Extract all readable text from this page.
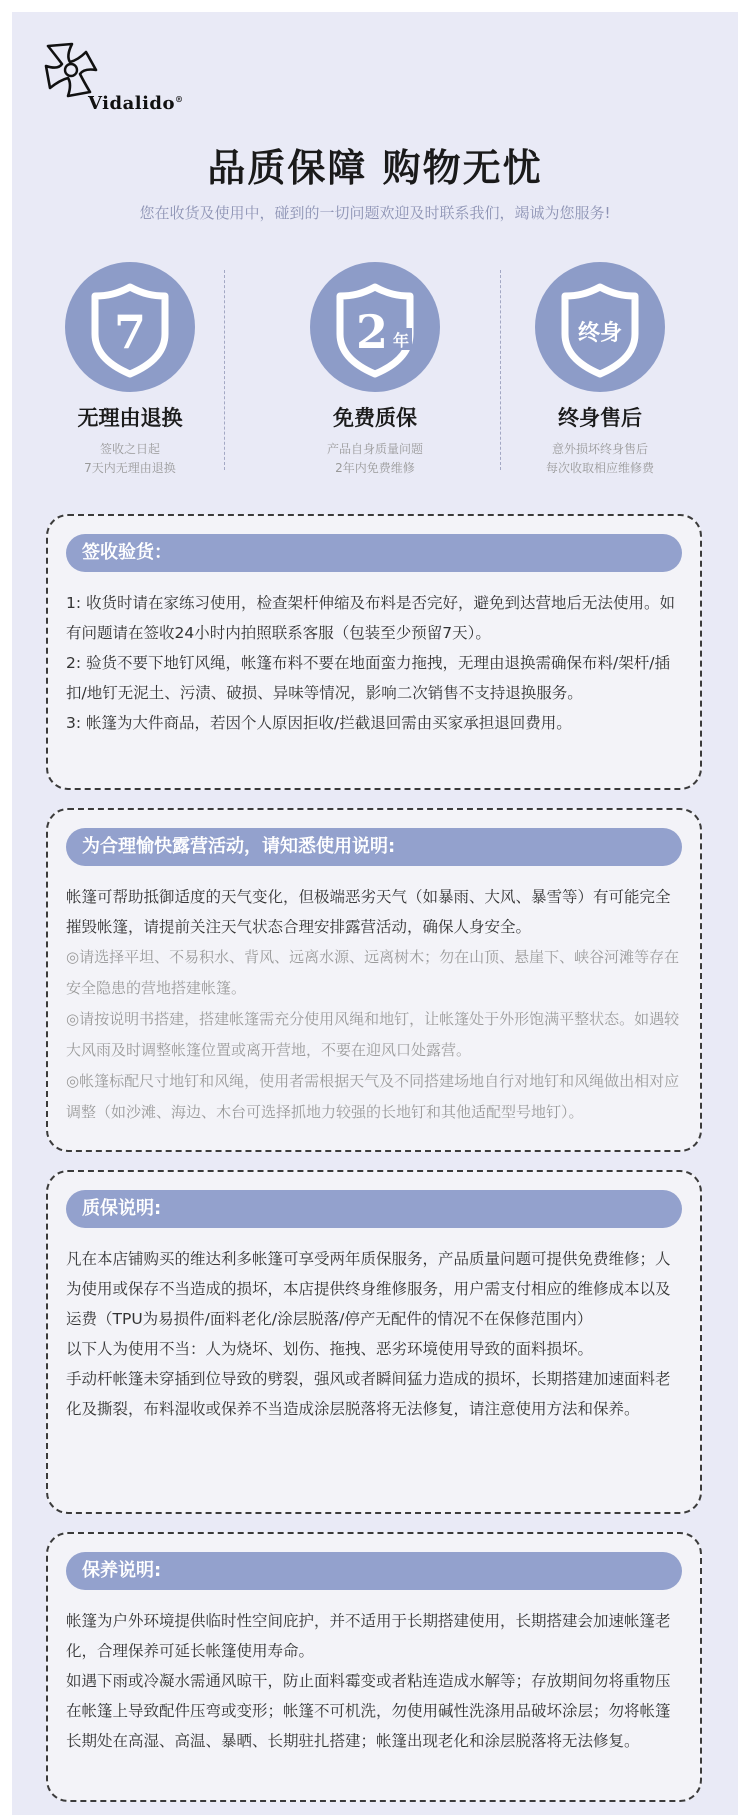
Vidalido®
品质保障 购物无忧
您在收货及使用中，碰到的一切问题欢迎及时联系我们，竭诚为您服务!
7
无理由退换
签收之日起
7天内无理由退换
2 年
免费质保
产品自身质量问题
2年内免费维修
终身
终身售后
意外损坏终身售后
每次收取相应维修费
签收验货：

1: 收货时请在家练习使用，检查架杆伸缩及布料是否完好，避免到达营地后无法使用。如有问题请在签收24小时内拍照联系客服（包装至少预留7天）。

2: 验货不要下地钉风绳，帐篷布料不要在地面蛮力拖拽，无理由退换需确保布料/架杆/插扣/地钉无泥土、污渍、破损、异味等情况，影响二次销售不支持退换服务。

3: 帐篷为大件商品，若因个人原因拒收/拦截退回需由买家承担退回费用。

为合理愉快露营活动，请知悉使用说明:

帐篷可帮助抵御适度的天气变化，但极端恶劣天气（如暴雨、大风、暴雪等）有可能完全摧毁帐篷，请提前关注天气状态合理安排露营活动，确保人身安全。

◎请选择平坦、不易积水、背风、远离水源、远离树木；勿在山顶、悬崖下、峡谷河滩等存在安全隐患的营地搭建帐篷。

◎请按说明书搭建，搭建帐篷需充分使用风绳和地钉，让帐篷处于外形饱满平整状态。如遇较大风雨及时调整帐篷位置或离开营地，不要在迎风口处露营。

◎帐篷标配尺寸地钉和风绳，使用者需根据天气及不同搭建场地自行对地钉和风绳做出相对应调整（如沙滩、海边、木台可选择抓地力较强的长地钉和其他适配型号地钉）。

质保说明:

凡在本店铺购买的维达利多帐篷可享受两年质保服务，产品质量问题可提供免费维修；人为使用或保存不当造成的损坏，本店提供终身维修服务，用户需支付相应的维修成本以及运费（TPU为易损件/面料老化/涂层脱落/停产无配件的情况不在保修范围内）

以下人为使用不当：人为烧坏、划伤、拖拽、恶劣环境使用导致的面料损坏。

手动杆帐篷未穿插到位导致的劈裂，强风或者瞬间猛力造成的损坏，长期搭建加速面料老化及撕裂，布料湿收或保养不当造成涂层脱落将无法修复，请注意使用方法和保养。

保养说明:

帐篷为户外环境提供临时性空间庇护，并不适用于长期搭建使用，长期搭建会加速帐篷老化，合理保养可延长帐篷使用寿命。

如遇下雨或冷凝水需通风晾干，防止面料霉变或者粘连造成水解等；存放期间勿将重物压在帐篷上导致配件压弯或变形；帐篷不可机洗，勿使用碱性洗涤用品破坏涂层；勿将帐篷长期处在高湿、高温、暴晒、长期驻扎搭建；帐篷出现老化和涂层脱落将无法修复。
